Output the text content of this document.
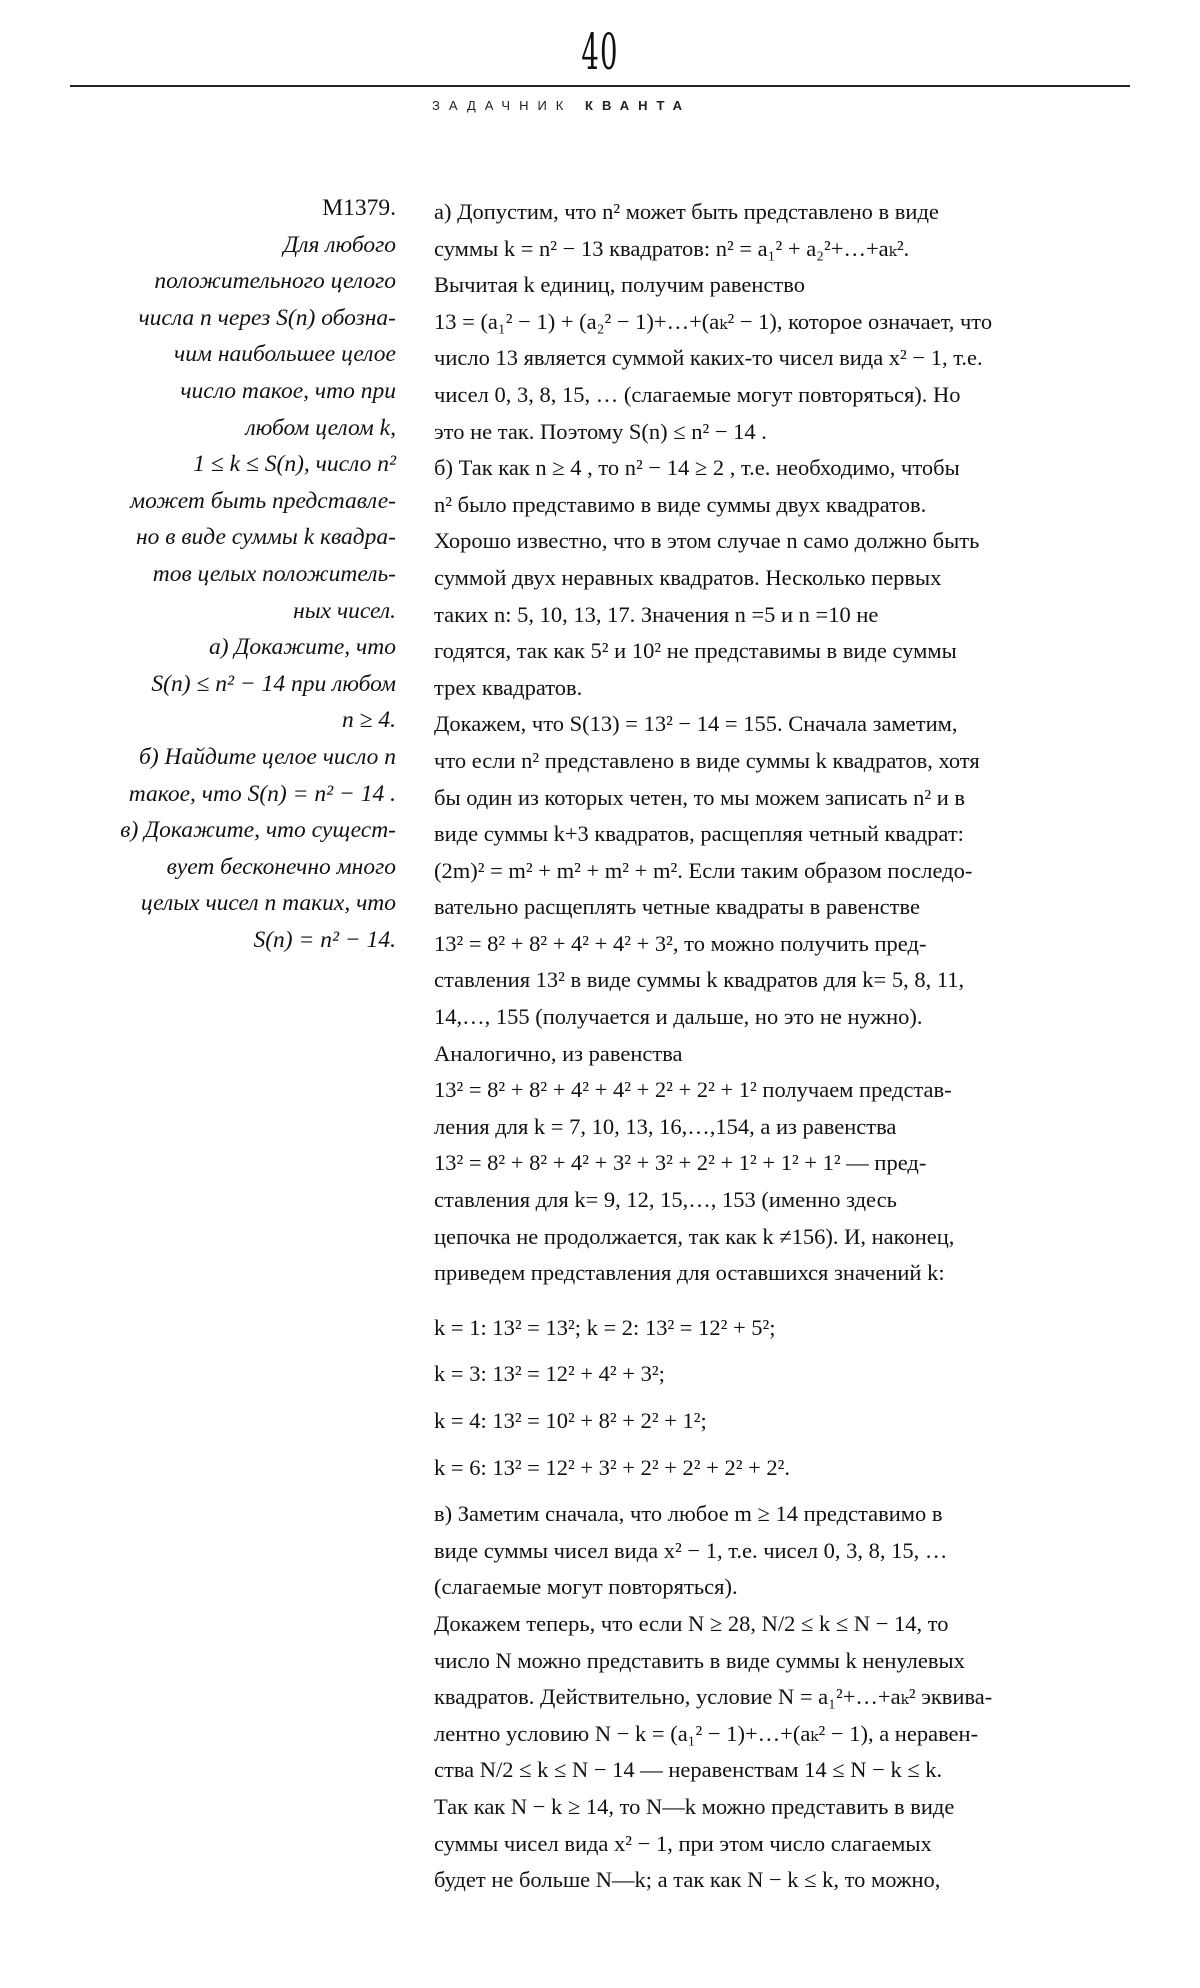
40
ЗАДАЧНИК КВАНТА
М1379.
Для любого
положительного целого
числа n через S(n) обозна-
чим наибольшее целое
число такое, что при
любом целом k,
1 ≤ k ≤ S(n), число n²
может быть представле-
но в виде суммы k квадра-
тов целых положитель-
ных чисел.
а) Докажите, что
S(n) ≤ n² − 14 при любом
n ≥ 4.
б) Найдите целое число n
такое, что S(n) = n² − 14 .
в) Докажите, что сущест-
вует бесконечно много
целых чисел n таких, что
S(n) = n² − 14.
а) Допустим, что n² может быть представлено в виде
суммы k = n² − 13 квадратов: n² = a₁² + a₂²+…+aₖ².
Вычитая k единиц, получим равенство
13 = (a₁² − 1) + (a₂² − 1)+…+(aₖ² − 1), которое означает, что
число 13 является суммой каких-то чисел вида x² − 1, т.е.
чисел 0, 3, 8, 15, … (слагаемые могут повторяться). Но
это не так. Поэтому S(n) ≤ n² − 14 .
б) Так как n ≥ 4 , то n² − 14 ≥ 2 , т.е. необходимо, чтобы
n² было представимо в виде суммы двух квадратов.
Хорошо известно, что в этом случае n само должно быть
суммой двух неравных квадратов. Несколько первых
таких n: 5, 10, 13, 17. Значения n =5 и n =10 не
годятся, так как 5² и 10² не представимы в виде суммы
трех квадратов.
Докажем, что S(13) = 13² − 14 = 155. Сначала заметим,
что если n² представлено в виде суммы k квадратов, хотя
бы один из которых четен, то мы можем записать n² и в
виде суммы k+3 квадратов, расщепляя четный квадрат:
(2m)² = m² + m² + m² + m². Если таким образом последо-
вательно расщеплять четные квадраты в равенстве
13² = 8² + 8² + 4² + 4² + 3², то можно получить пред-
ставления 13² в виде суммы k квадратов для k= 5, 8, 11,
14,…, 155 (получается и дальше, но это не нужно).
Аналогично, из равенства
13² = 8² + 8² + 4² + 4² + 2² + 2² + 1² получаем представ-
ления для k = 7, 10, 13, 16,…,154, а из равенства
13² = 8² + 8² + 4² + 3² + 3² + 2² + 1² + 1² + 1² — пред-
ставления для k= 9, 12, 15,…, 153 (именно здесь
цепочка не продолжается, так как k ≠156). И, наконец,
приведем представления для оставшихся значений k:
k = 1: 13² = 13²; k = 2: 13² = 12² + 5²;
k = 3: 13² = 12² + 4² + 3²;
k = 4: 13² = 10² + 8² + 2² + 1²;
k = 6: 13² = 12² + 3² + 2² + 2² + 2² + 2².
в) Заметим сначала, что любое m ≥ 14 представимо в
виде суммы чисел вида x² − 1, т.е. чисел 0, 3, 8, 15, …
(слагаемые могут повторяться).
Докажем теперь, что если N ≥ 28, N/2 ≤ k ≤ N − 14, то
число N можно представить в виде суммы k ненулевых
квадратов. Действительно, условие N = a₁²+…+aₖ² эквива-
лентно условию N − k = (a₁² − 1)+…+(aₖ² − 1), а неравен-
ства N/2 ≤ k ≤ N − 14 — неравенствам 14 ≤ N − k ≤ k.
Так как N − k ≥ 14, то N—k можно представить в виде
суммы чисел вида x² − 1, при этом число слагаемых
будет не больше N—k; а так как N − k ≤ k, то можно,
